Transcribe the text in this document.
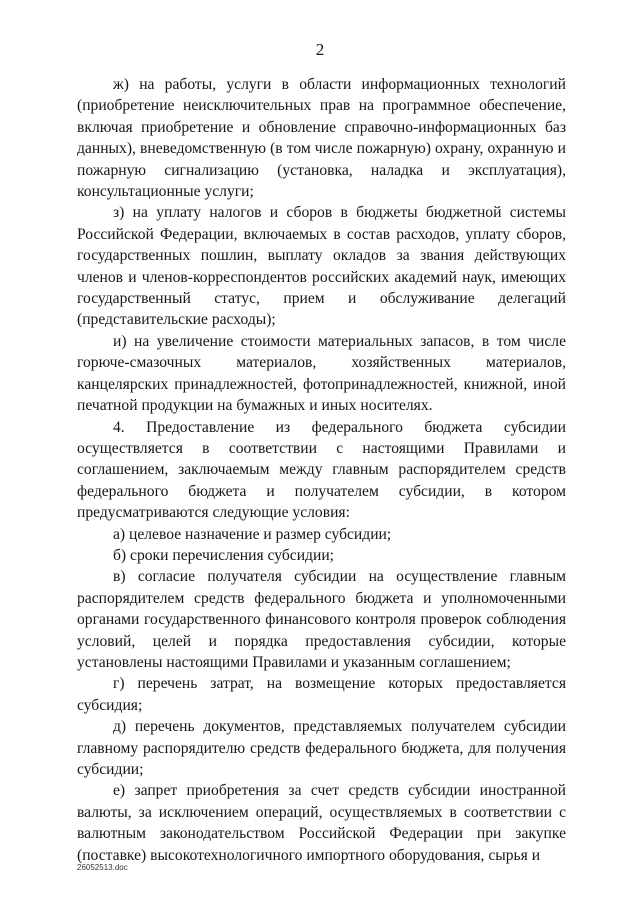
2

ж) на работы, услуги в области информационных технологий (приобретение неисключительных прав на программное обеспечение, включая приобретение и обновление справочно-информационных баз данных), вневедомственную (в том числе пожарную) охрану, охранную и пожарную сигнализацию (установка, наладка и эксплуатация), консультационные услуги;

з) на уплату налогов и сборов в бюджеты бюджетной системы Российской Федерации, включаемых в состав расходов, уплату сборов, государственных пошлин, выплату окладов за звания действующих членов и членов-корреспондентов российских академий наук, имеющих государственный статус, прием и обслуживание делегаций (представительские расходы);

и) на увеличение стоимости материальных запасов, в том числе горюче-смазочных материалов, хозяйственных материалов, канцелярских принадлежностей, фотопринадлежностей, книжной, иной печатной продукции на бумажных и иных носителях.

4. Предоставление из федерального бюджета субсидии осуществляется в соответствии с настоящими Правилами и соглашением, заключаемым между главным распорядителем средств федерального бюджета и получателем субсидии, в котором предусматриваются следующие условия:

а) целевое назначение и размер субсидии;

б) сроки перечисления субсидии;

в) согласие получателя субсидии на осуществление главным распорядителем средств федерального бюджета и уполномоченными органами государственного финансового контроля проверок соблюдения условий, целей и порядка предоставления субсидии, которые установлены настоящими Правилами и указанным соглашением;

г) перечень затрат, на возмещение которых предоставляется субсидия;

д) перечень документов, представляемых получателем субсидии главному распорядителю средств федерального бюджета, для получения субсидии;

е) запрет приобретения за счет средств субсидии иностранной валюты, за исключением операций, осуществляемых в соответствии с валютным законодательством Российской Федерации при закупке (поставке) высокотехнологичного импортного оборудования, сырья и

26052513.doc
